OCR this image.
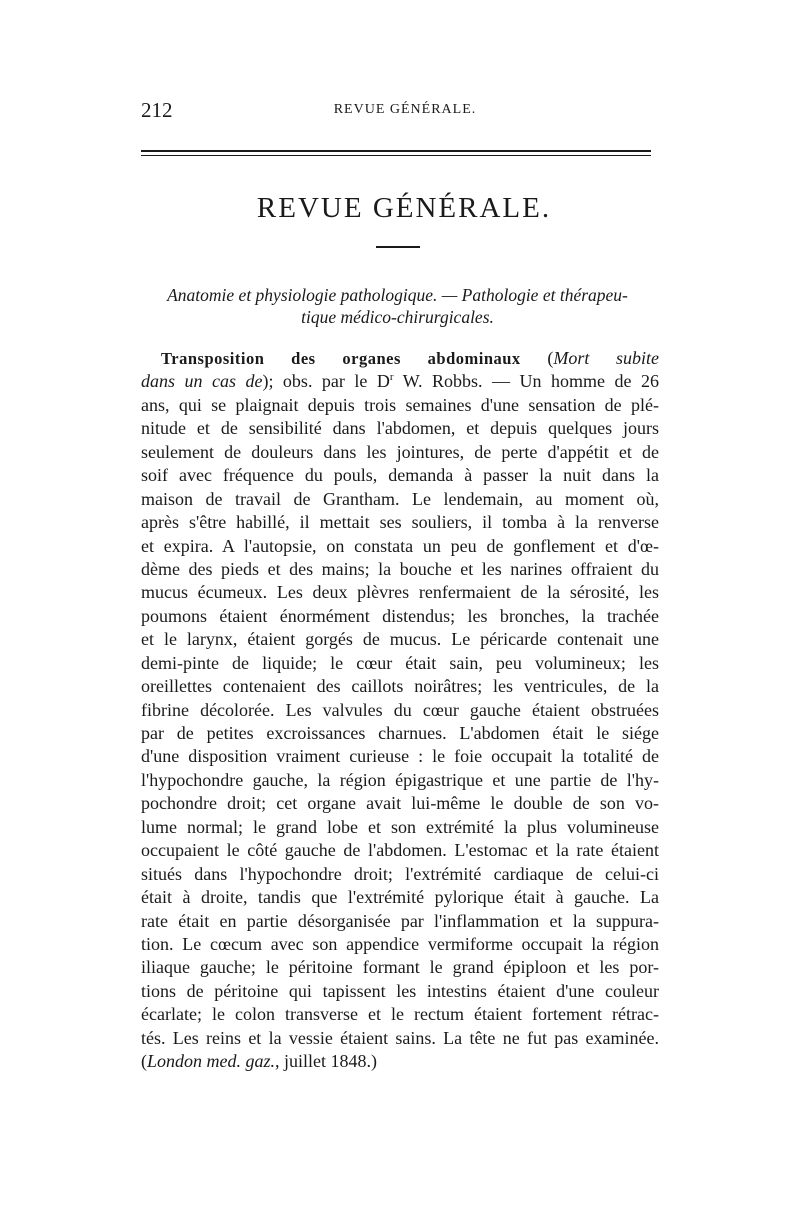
212	REVUE GÉNÉRALE.
REVUE GÉNÉRALE.
Anatomie et physiologie pathologique. — Pathologie et thérapeu-
tique médico-chirurgicales.
Transposition des organes abdominaux (Mort subite
dans un cas de); obs. par le $D^r$ W. Robbs. — Un homme de 26
ans, qui se plaignait depuis trois semaines d'une sensation de plé-
nitude et de sensibilité dans l'abdomen, et depuis quelques jours
seulement de douleurs dans les jointures, de perte d'appétit et de
soif avec fréquence du pouls, demanda à passer la nuit dans la
maison de travail de Grantham. Le lendemain, au moment où,
après s'être habillé, il mettait ses souliers, il tomba à la renverse
et expira. A l'autopsie, on constata un peu de gonflement et d'œ-
dème des pieds et des mains; la bouche et les narines offraient du
mucus écumeux. Les deux plèvres renfermaient de la sérosité, les
poumons étaient énormément distendus; les bronches, la trachée
et le larynx, étaient gorgés de mucus. Le péricarde contenait une
demi-pinte de liquide; le cœur était sain, peu volumineux; les
oreillettes contenaient des caillots noirâtres; les ventricules, de la
fibrine décolorée. Les valvules du cœur gauche étaient obstruées
par de petites excroissances charnues. L'abdomen était le siége
d'une disposition vraiment curieuse : le foie occupait la totalité de
l'hypochondre gauche, la région épigastrique et une partie de l'hy-
pochondre droit; cet organe avait lui-même le double de son vo-
lume normal; le grand lobe et son extrémité la plus volumineuse
occupaient le côté gauche de l'abdomen. L'estomac et la rate étaient
situés dans l'hypochondre droit; l'extrémité cardiaque de celui-ci
était à droite, tandis que l'extrémité pylorique était à gauche. La
rate était en partie désorganisée par l'inflammation et la suppura-
tion. Le cœcum avec son appendice vermiforme occupait la région
iliaque gauche; le péritoine formant le grand épiploon et les por-
tions de péritoine qui tapissent les intestins étaient d'une couleur
écarlate; le colon transverse et le rectum étaient fortement rétrac-
tés. Les reins et la vessie étaient sains. La tête ne fut pas examinée.
(London med. gaz., juillet 1848.)
